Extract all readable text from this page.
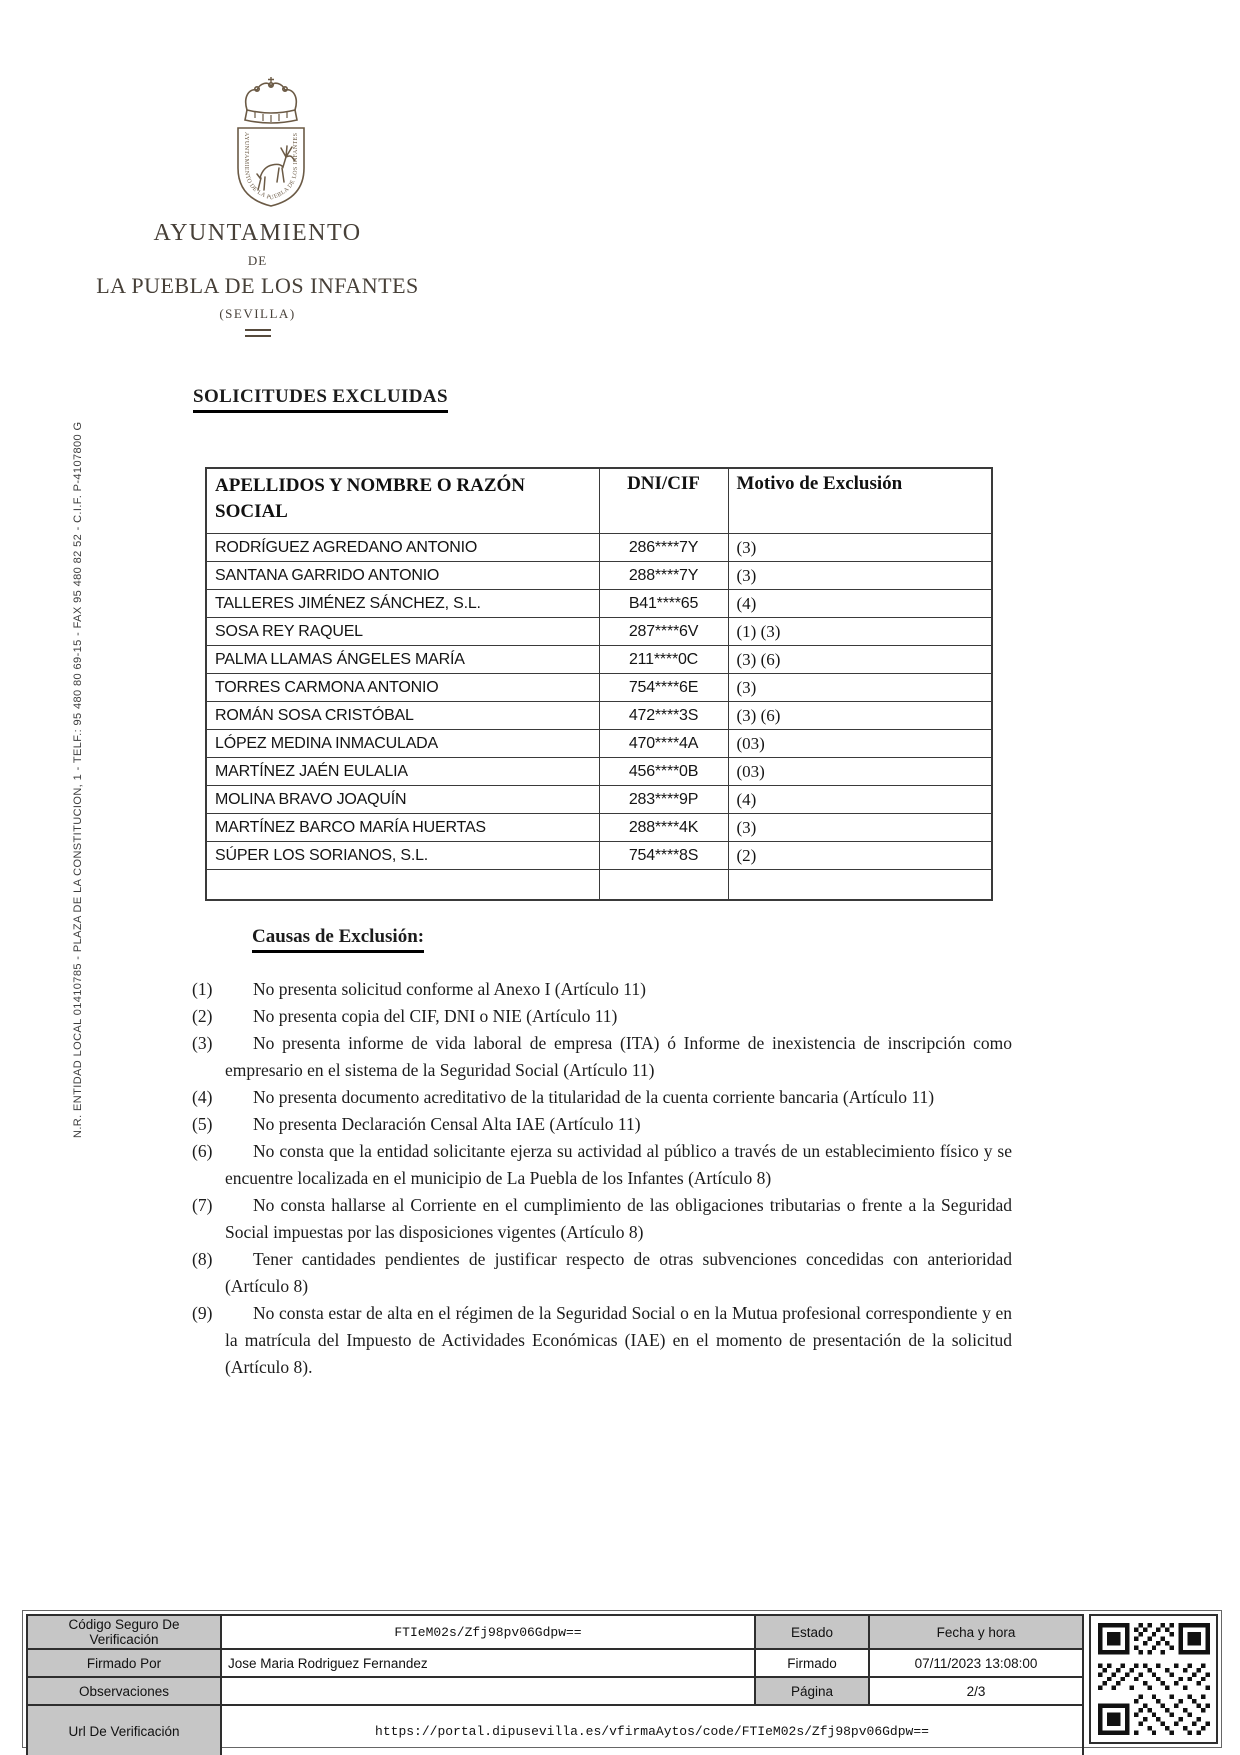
AYUNTAMIENTO DE LA PUEBLA DE LOS INFANTES
AYUNTAMIENTO
DE
LA PUEBLA DE LOS INFANTES
(SEVILLA)
N.R. ENTIDAD LOCAL 01410785 - PLAZA DE LA CONSTITUCION, 1 - TELF.: 95 480 80 69-15 - FAX 95 480 82 52 - C.I.F. P-4107800 G
SOLICITUDES EXCLUIDAS
APELLIDOS Y NOMBRE O RAZÓN SOCIAL	DNI/CIF	Motivo de Exclusión
RODRÍGUEZ AGREDANO ANTONIO	286****7Y	(3)
SANTANA GARRIDO ANTONIO	288****7Y	(3)
TALLERES JIMÉNEZ SÁNCHEZ, S.L.	B41****65	(4)
SOSA REY RAQUEL	287****6V	(1) (3)
PALMA LLAMAS ÁNGELES MARÍA	211****0C	(3) (6)
TORRES CARMONA ANTONIO	754****6E	(3)
ROMÁN SOSA CRISTÓBAL	472****3S	(3) (6)
LÓPEZ MEDINA INMACULADA	470****4A	(03)
MARTÍNEZ JAÉN EULALIA	456****0B	(03)
MOLINA BRAVO JOAQUÍN	283****9P	(4)
MARTÍNEZ BARCO MARÍA HUERTAS	288****4K	(3)
SÚPER LOS SORIANOS, S.L.	754****8S	(2)

Causas de Exclusión:
(1) No presenta solicitud conforme al Anexo I (Artículo 11)
(2) No presenta copia del CIF, DNI o NIE (Artículo 11)
(3) No presenta informe de vida laboral de empresa (ITA) ó Informe de inexistencia de inscripción como empresario en el sistema de la Seguridad Social (Artículo 11)
(4) No presenta documento acreditativo de la titularidad de la cuenta corriente bancaria (Artículo 11)
(5) No presenta Declaración Censal Alta IAE (Artículo 11)
(6) No consta que la entidad solicitante ejerza su actividad al público a través de un establecimiento físico y se encuentre localizada en el municipio de La Puebla de los Infantes (Artículo 8)
(7) No consta hallarse al Corriente en el cumplimiento de las obligaciones tributarias o frente a la Seguridad Social impuestas por las disposiciones vigentes (Artículo 8)
(8) Tener cantidades pendientes de justificar respecto de otras subvenciones concedidas con anterioridad (Artículo 8)
(9) No consta estar de alta en el régimen de la Seguridad Social o en la Mutua profesional correspondiente y en la matrícula del Impuesto de Actividades Económicas (IAE) en el momento de presentación de la solicitud (Artículo 8).
Código Seguro De Verificación	FTIeM02s/Zfj98pv06Gdpw==	Estado	Fecha y hora
Firmado Por	Jose Maria Rodriguez Fernandez	Firmado	07/11/2023 13:08:00
Observaciones		Página	2/3
Url De Verificación	https://portal.dipusevilla.es/vfirmaAytos/code/FTIeM02s/Zfj98pv06Gdpw==		
